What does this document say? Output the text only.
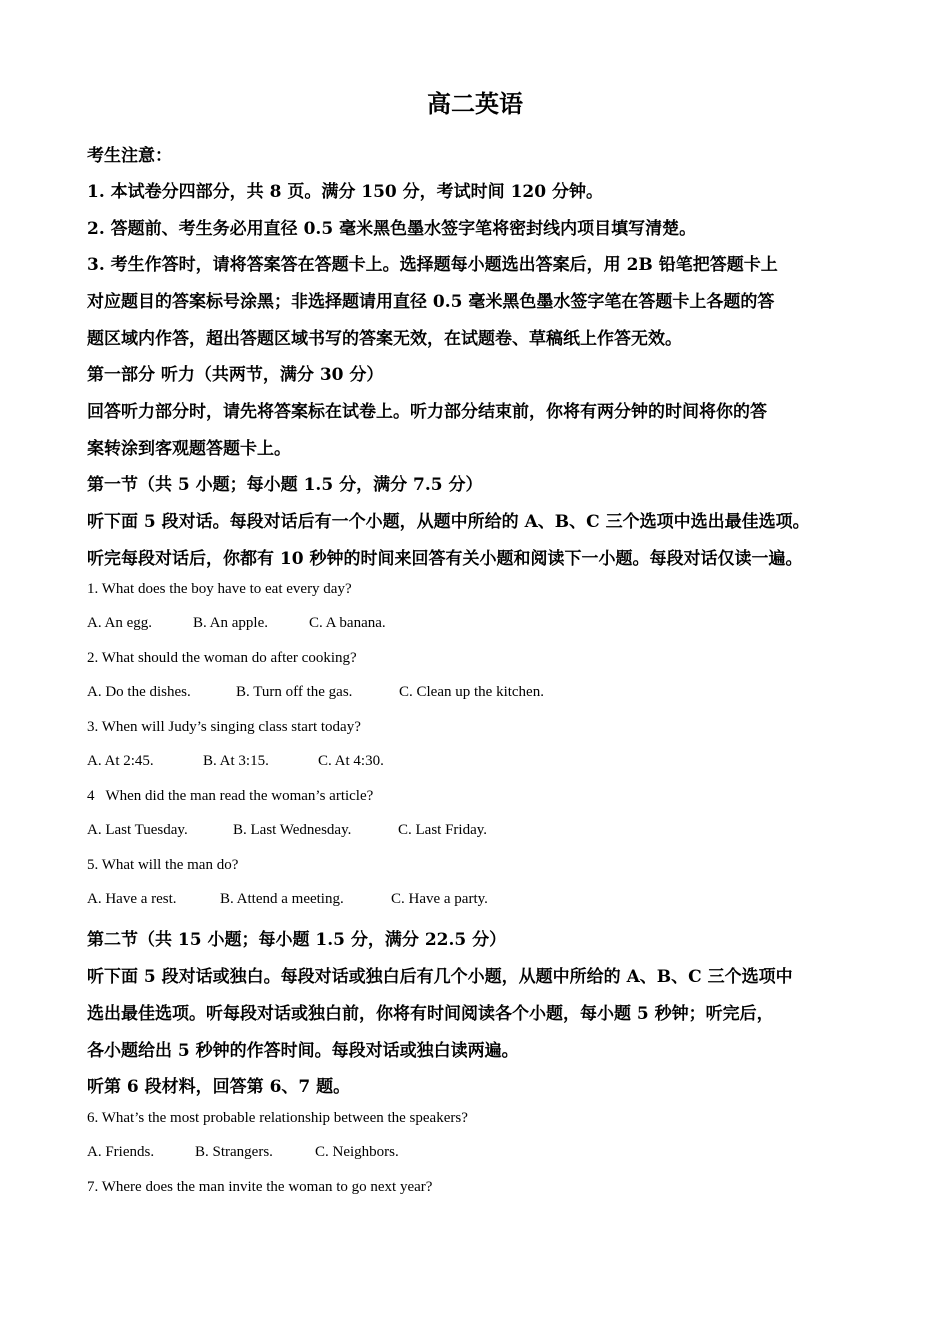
高二英语
考生注意：
1. 本试卷分四部分，共 8 页。满分 150 分，考试时间 120 分钟。
2. 答题前、考生务必用直径 0.5 毫米黑色墨水签字笔将密封线内项目填写清楚。
3. 考生作答时，请将答案答在答题卡上。选择题每小题选出答案后，用 2B 铅笔把答题卡上
对应题目的答案标号涂黑；非选择题请用直径 0.5 毫米黑色墨水签字笔在答题卡上各题的答
题区域内作答，超出答题区域书写的答案无效，在试题卷、草稿纸上作答无效。
第一部分 听力（共两节，满分 30 分）
回答听力部分时，请先将答案标在试卷上。听力部分结束前，你将有两分钟的时间将你的答
案转涂到客观题答题卡上。
第一节（共 5 小题；每小题 1.5 分，满分 7.5 分）
听下面 5 段对话。每段对话后有一个小题，从题中所给的 A、B、C 三个选项中选出最佳选项。
听完每段对话后，你都有 10 秒钟的时间来回答有关小题和阅读下一小题。每段对话仅读一遍。
1. What does the boy have to eat every day?
A. An egg.	B. An apple.	C. A banana.
2. What should the woman do after cooking?
A. Do the dishes.	B. Turn off the gas.	C. Clean up the kitchen.
3. When will Judy’s singing class start today?
A. At 2:45.	B. At 3:15.	C. At 4:30.
4   When did the man read the woman’s article?
A. Last Tuesday.	B. Last Wednesday.	C. Last Friday.
5. What will the man do?
A. Have a rest.	B. Attend a meeting.	C. Have a party.
第二节（共 15 小题；每小题 1.5 分，满分 22.5 分）
听下面 5 段对话或独白。每段对话或独白后有几个小题，从题中所给的 A、B、C 三个选项中
选出最佳选项。听每段对话或独白前，你将有时间阅读各个小题，每小题 5 秒钟；听完后，
各小题给出 5 秒钟的作答时间。每段对话或独白读两遍。
听第 6 段材料，回答第 6、7 题。
6. What’s the most probable relationship between the speakers?
A. Friends.	B. Strangers.	C. Neighbors.
7. Where does the man invite the woman to go next year?
